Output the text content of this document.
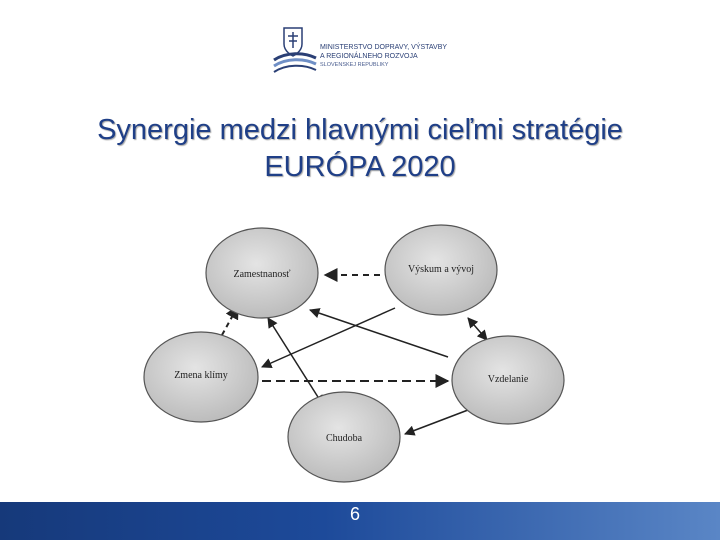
MINISTERSTVO DOPRAVY, VÝSTAVBY
A REGIONÁLNEHO ROZVOJA
SLOVENSKEJ REPUBLIKY
Synergie medzi hlavnými cieľmi stratégie
EURÓPA 2020
Zamestnanosť	Výskum a vývoj
Zmena klímy	Vzdelanie
Chudoba
6
